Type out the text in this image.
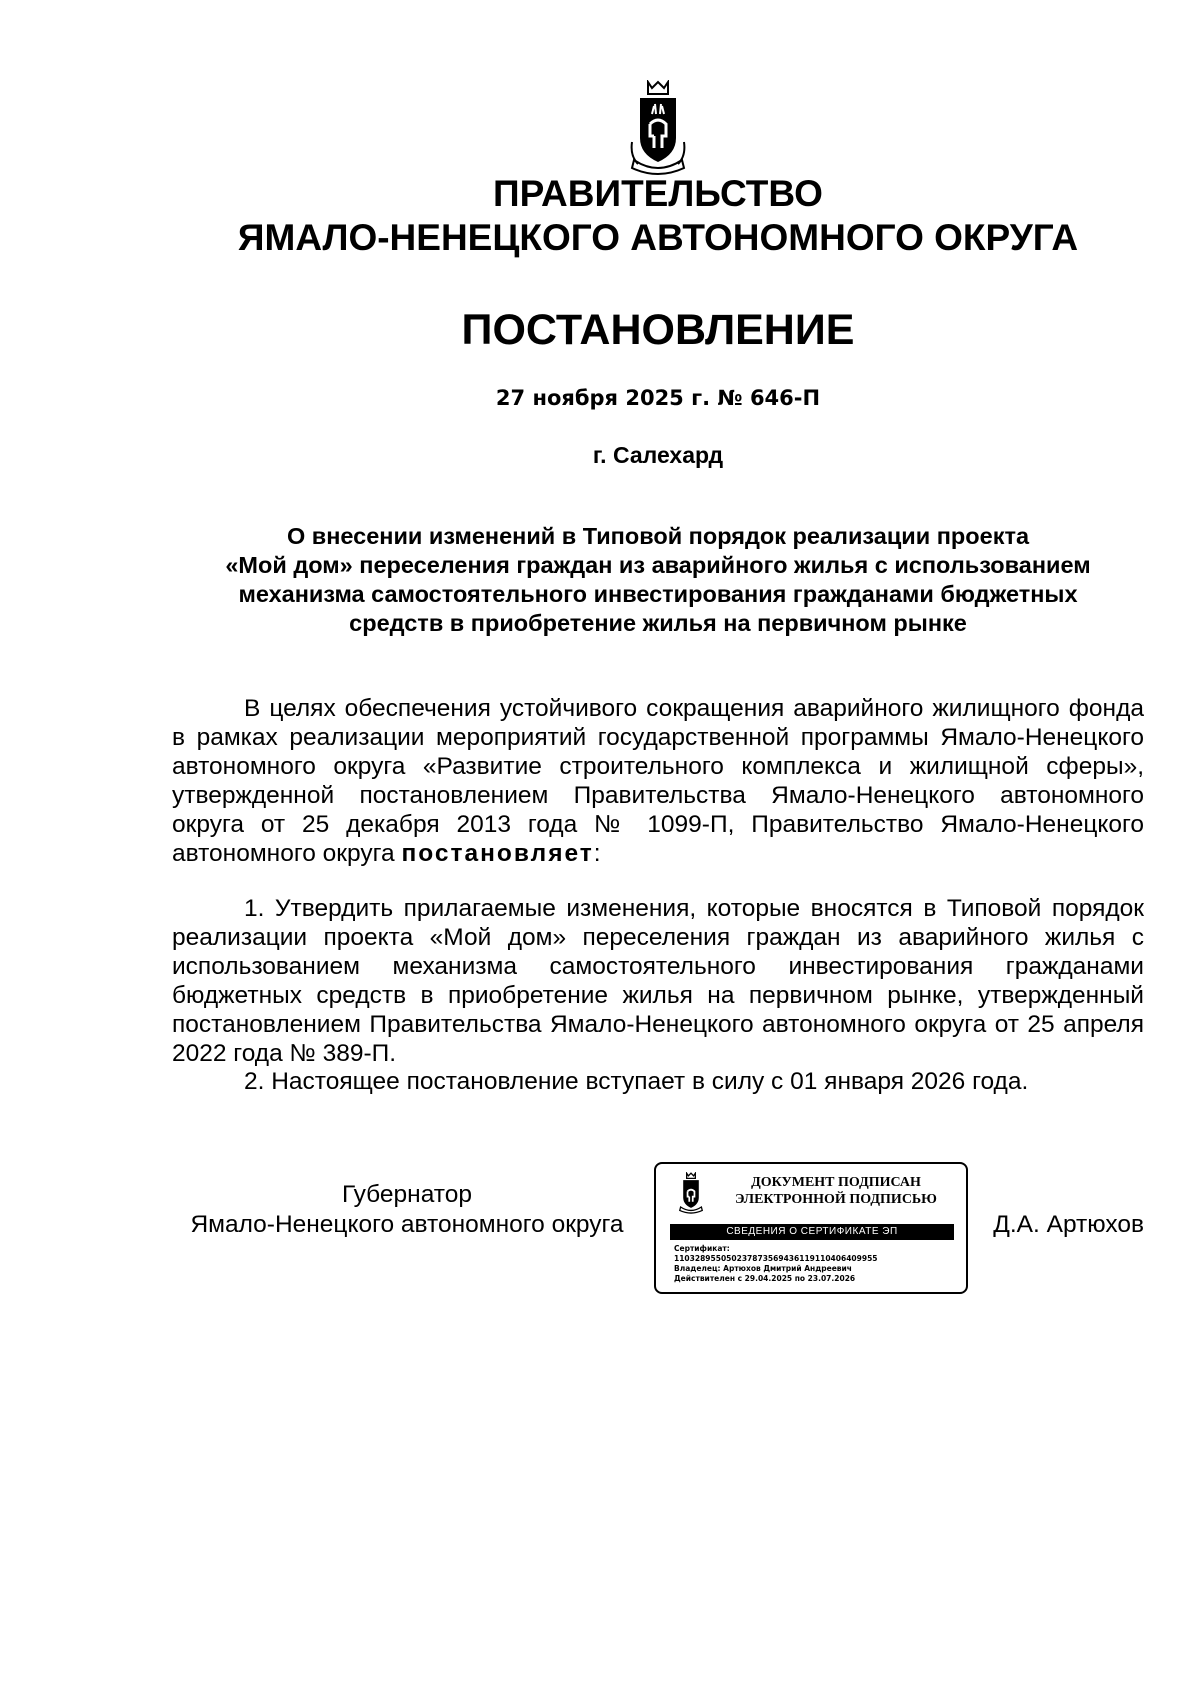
ПРАВИТЕЛЬСТВО
ЯМАЛО-НЕНЕЦКОГО АВТОНОМНОГО ОКРУГА
ПОСТАНОВЛЕНИЕ
27 ноября 2025 г. № 646-П
г. Салехард
О внесении изменений в Типовой порядок реализации проекта
«Мой дом» переселения граждан из аварийного жилья с использованием
механизма самостоятельного инвестирования гражданами бюджетных
средств в приобретение жилья на первичном рынке

В целях обеспечения устойчивого сокращения аварийного жилищного фонда в рамках реализации мероприятий государственной программы Ямало-Ненецкого автономного округа «Развитие строительного комплекса и жилищной сферы», утвержденной постановлением Правительства Ямало-Ненецкого автономного округа от 25 декабря 2013 года № 1099-П, Правительство Ямало-Ненецкого автономного округа постановляет:

1. Утвердить прилагаемые изменения, которые вносятся в Типовой порядок реализации проекта «Мой дом» переселения граждан из аварийного жилья с использованием механизма самостоятельного инвестирования гражданами бюджетных средств в приобретение жилья на первичном рынке, утвержденный постановлением Правительства Ямало-Ненецкого автономного округа от 25 апреля 2022 года № 389-П.

2. Настоящее постановление вступает в силу с 01 января 2026 года.

Губернатор
Ямало-Ненецкого автономного округа
ДОКУМЕНТ ПОДПИСАН
ЭЛЕКТРОННОЙ ПОДПИСЬЮ
СВЕДЕНИЯ О СЕРТИФИКАТЕ ЭП
Сертификат:
110328955050237873569436119110406409955
Владелец: Артюхов Дмитрий Андреевич
Действителен с 29.04.2025 по 23.07.2026
Д.А. Артюхов
